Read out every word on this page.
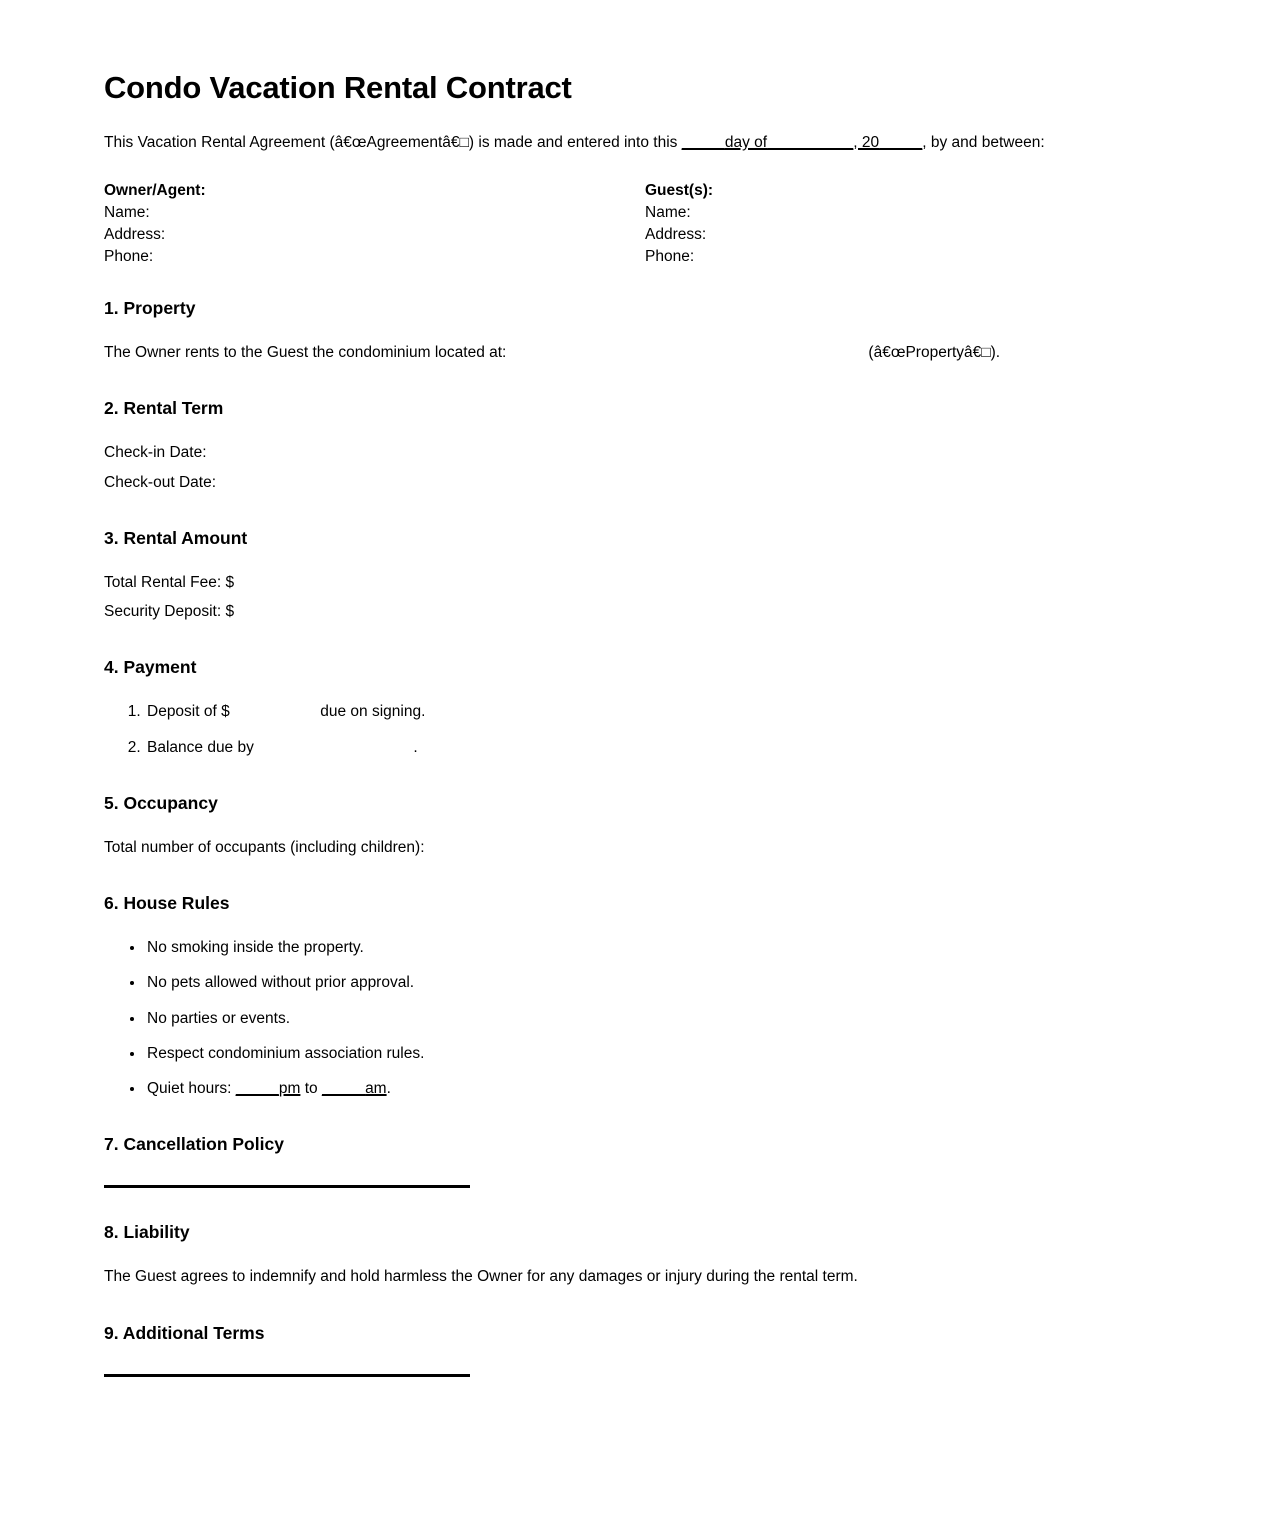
Condo Vacation Rental Contract

This Vacation Rental Agreement (â€œAgreementâ€□) is made and entered into this _____day of__________, 20_____, by and between:

Owner/Agent:
Name:
Address:
Phone:
Guest(s):
Name:
Address:
Phone:
1. Property

The Owner rents to the Guest the condominium located at:	(â€œPropertyâ€□).

2. Rental Term

Check-in Date:

Check-out Date:

3. Rental Amount

Total Rental Fee: $

Security Deposit: $

4. Payment
1. Deposit of $	due on signing.
2. Balance due by	.
5. Occupancy

Total number of occupants (including children):

6. House Rules
• No smoking inside the property.
• No pets allowed without prior approval.
• No parties or events.
• Respect condominium association rules.
• Quiet hours: _____pm to _____am.
7. Cancellation Policy
8. Liability

The Guest agrees to indemnify and hold harmless the Owner for any damages or injury during the rental term.

9. Additional Terms
